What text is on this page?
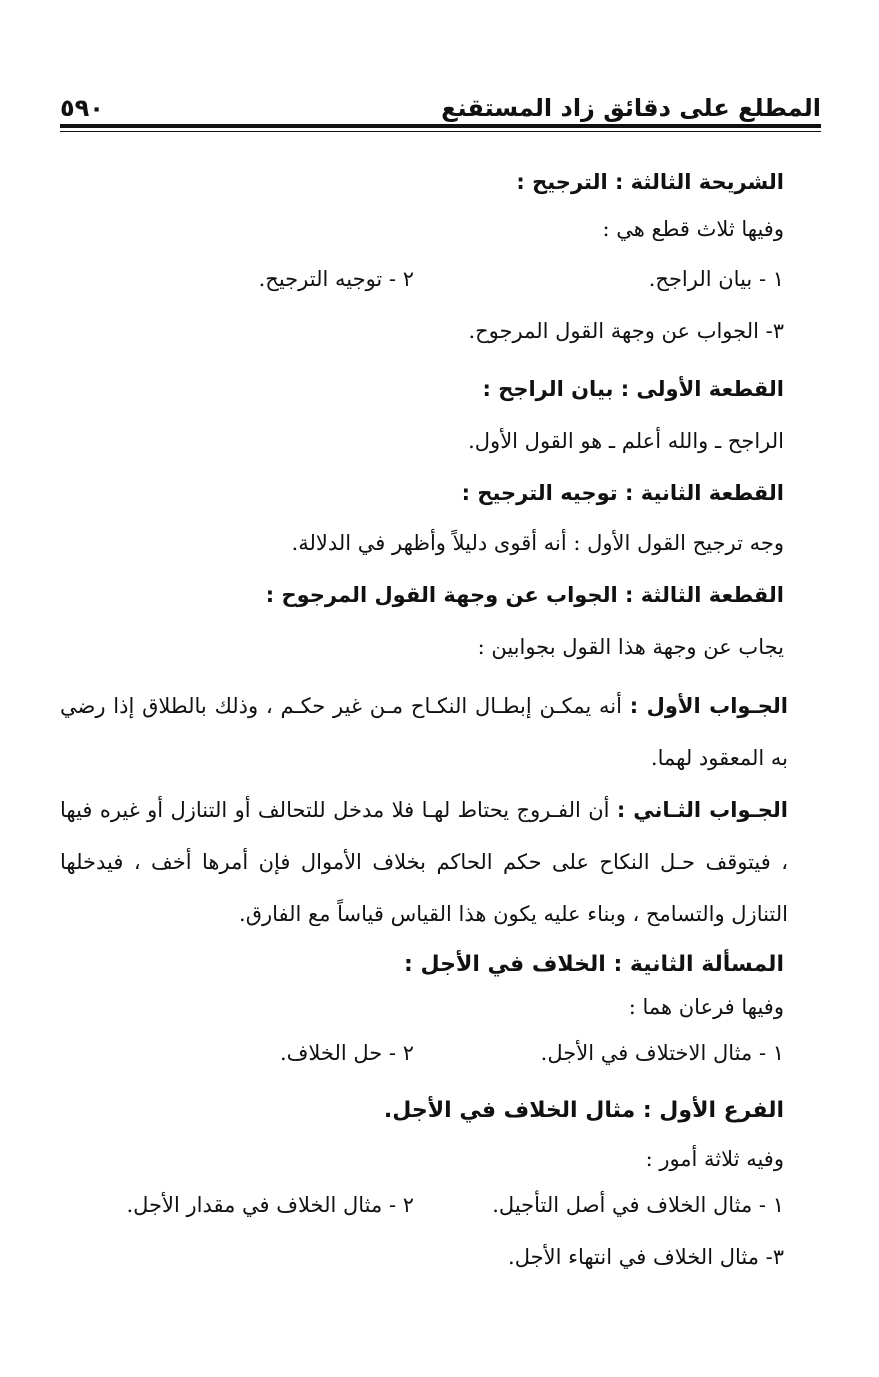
المطلع على دقائق زاد المستقنع
٥٩٠

الشريحة الثالثة : الترجيح :

وفيها ثلاث قطع هي :

١ - بيان الراجح.
٢ - توجيه الترجيح.

٣- الجواب عن وجهة القول المرجوح.

القطعة الأولى : بيان الراجح :

الراجح ـ والله أعلم ـ هو القول الأول.

القطعة الثانية : توجيه الترجيح :

وجه ترجيح القول الأول : أنه أقوى دليلاً وأظهر في الدلالة.

القطعة الثالثة : الجواب عن وجهة القول المرجوح :

يجاب عن وجهة هذا القول بجوابين :

الجـواب الأول : أنه يمكـن إبطـال النكـاح مـن غير حكـم ، وذلك بالطلاق إذا رضي به المعقود لهما.

الجـواب الثـاني : أن الفـروج يحتاط لهـا فلا مدخل للتحالف أو التنازل أو غيره فيها ، فيتوقف حـل النكاح على حكم الحاكم بخلاف الأموال فإن أمرها أخف ، فيدخلها التنازل والتسامح ، وبناء عليه يكون هذا القياس قياساً مع الفارق.

المسألة الثانية : الخلاف في الأجل :

وفيها فرعان هما :

١ - مثال الاختلاف في الأجل.
٢ - حل الخلاف.

الفرع الأول : مثال الخلاف في الأجل.

وفيه ثلاثة أمور :

١ - مثال الخلاف في أصل التأجيل.
٢ - مثال الخلاف في مقدار الأجل.

٣- مثال الخلاف في انتهاء الأجل.
